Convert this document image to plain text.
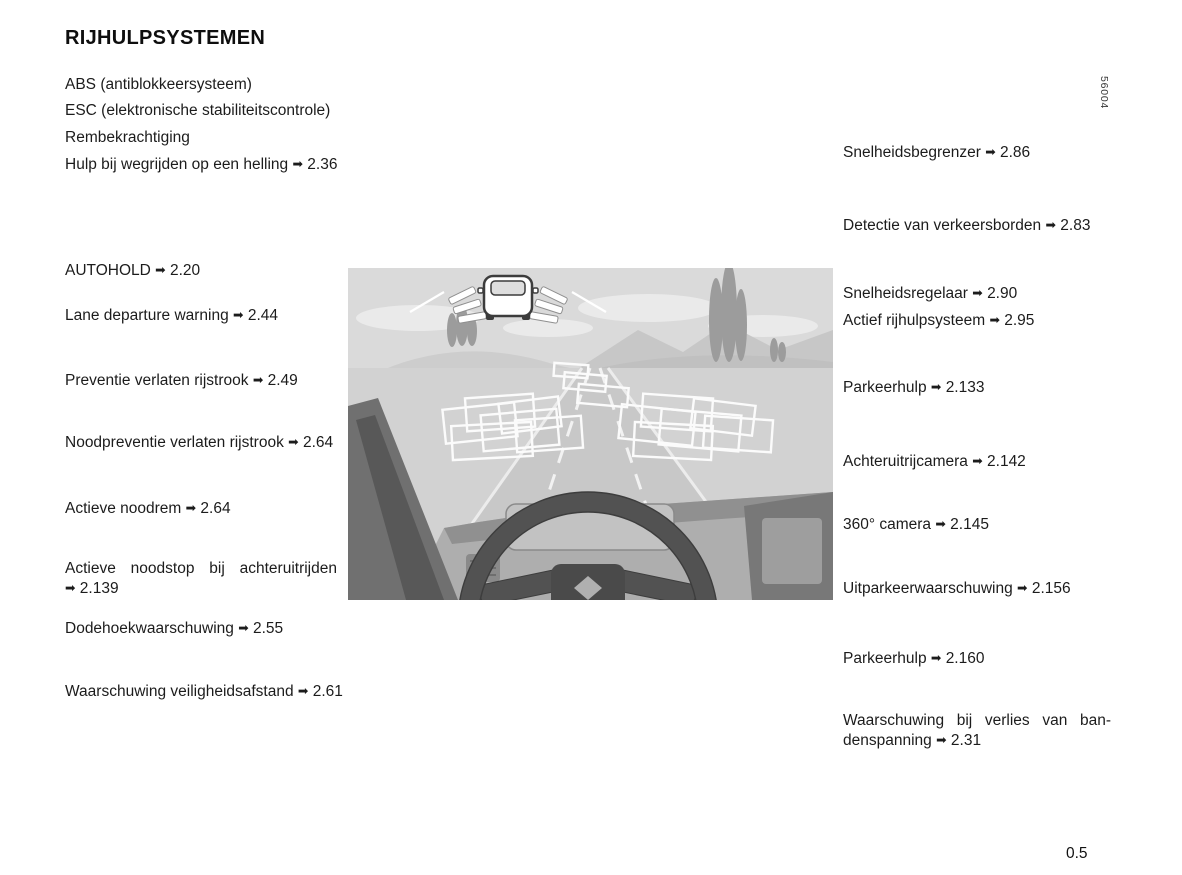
RIJHULPSYSTEMEN
ABS (antiblokkeersysteem)
ESC (elektronische stabiliteitscontrole)
Rembekrachtiging
Hulp bij wegrijden op een helling ➡ 2.36
AUTOHOLD ➡ 2.20
Lane departure warning ➡ 2.44
Preventie verlaten rijstrook ➡ 2.49
Noodpreventie verlaten rijstrook ➡ 2.64
Actieve noodrem ➡ 2.64
Actieve noodstop bij achteruitrijden ➡ 2.139
Dodehoekwaarschuwing ➡ 2.55
Waarschuwing veiligheidsafstand ➡ 2.61
Snelheidsbegrenzer ➡ 2.86
Detectie van verkeersborden ➡ 2.83
Snelheidsregelaar ➡ 2.90
Actief rijhulpsysteem ➡ 2.95
Parkeerhulp ➡ 2.133
Achteruitrijcamera ➡ 2.142
360° camera ➡ 2.145
Uitparkeerwaarschuwing ➡ 2.156
Parkeerhulp ➡ 2.160
Waarschuwing bij verlies van bandenspanning ➡ 2.31
56004
0.5
